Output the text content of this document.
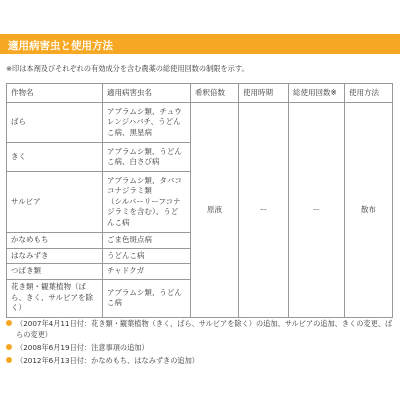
適用病害虫と使用方法
※印は本剤及びそれぞれの有効成分を含む農薬の総使用回数の制限を示す。
作物名	適用病害虫名	希釈倍数	使用時期	総使用回数※	使用方法

ばら	アブラムシ類、チュウ
レンジハバチ、うどん
こ病、黒星病	原液	ー	ー	散布

きく	アブラムシ類、うどん
こ病、白さび病				

サルビア	アブラムシ類、タバコ
コナジラミ類
（シルバーリーフコナ
ジラミを含む）、うど
んこ病				

かなめもち	ごま色斑点病				

はなみずき	うどんこ病				

つばき類	チャドクガ				

花き類・観葉植物（ば
ら、きく、サルビアを除
く）	アブラムシ類、うどん
こ病				
（2007年4月11日付：花き類・観葉植物（きく、ばら、サルビアを除く）の追加、サルビアの追加、きくの変更、ばらの変更）
（2008年6月19日付：注意事項の追加）
（2012年6月13日付：かなめもち、はなみずきの追加）
